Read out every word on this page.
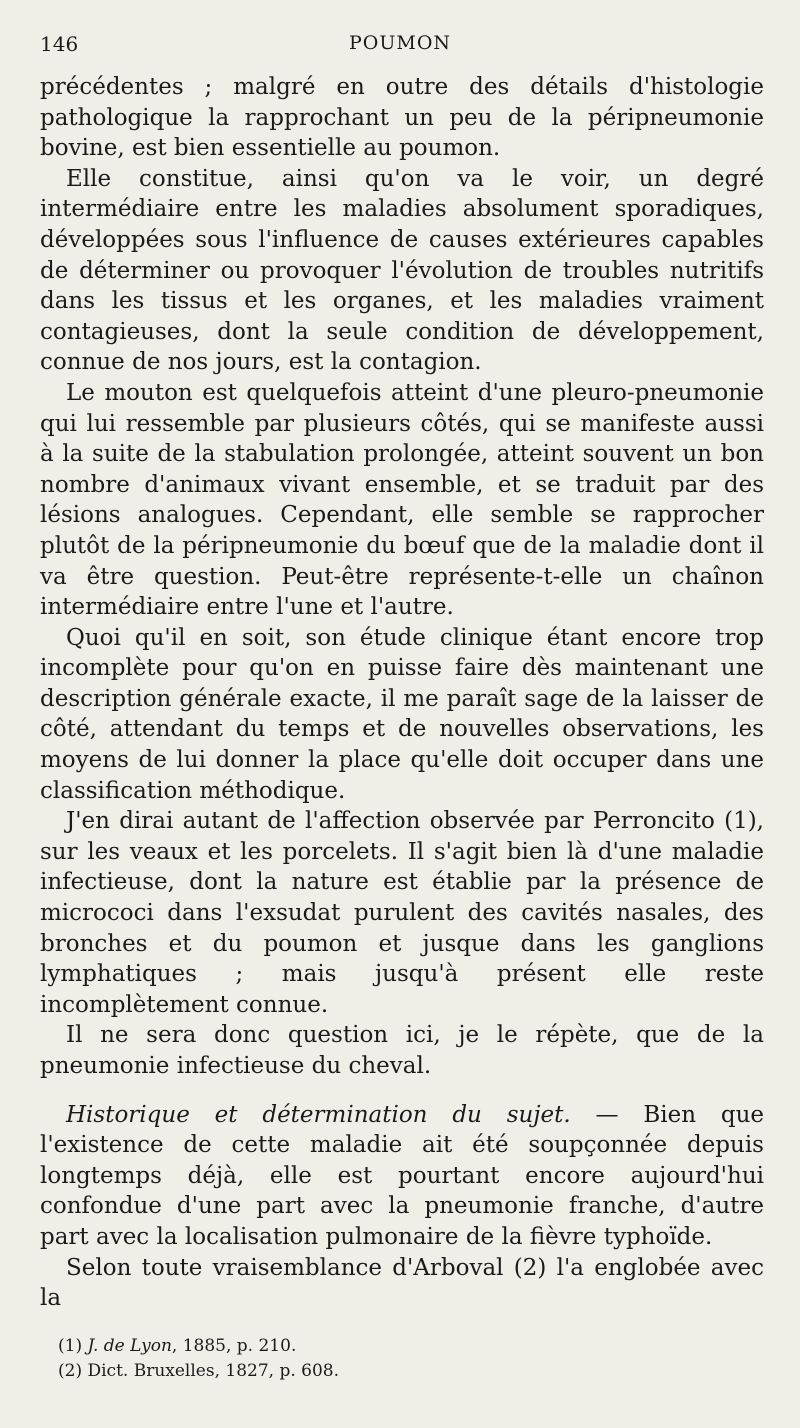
146	POUMON

précédentes ; malgré en outre des détails d'histologie pathologique la rapprochant un peu de la péripneumonie bovine, est bien essentielle au poumon.

Elle constitue, ainsi qu'on va le voir, un degré intermédiaire entre les maladies absolument sporadiques, développées sous l'influence de causes extérieures capables de déterminer ou provoquer l'évolution de troubles nutritifs dans les tissus et les organes, et les maladies vraiment contagieuses, dont la seule condition de développement, connue de nos jours, est la contagion.

Le mouton est quelquefois atteint d'une pleuro-pneumonie qui lui ressemble par plusieurs côtés, qui se manifeste aussi à la suite de la stabulation prolongée, atteint souvent un bon nombre d'animaux vivant ensemble, et se traduit par des lésions analogues. Cependant, elle semble se rapprocher plutôt de la péripneumonie du bœuf que de la maladie dont il va être question. Peut-être représente-t-elle un chaînon intermédiaire entre l'une et l'autre.

Quoi qu'il en soit, son étude clinique étant encore trop incomplète pour qu'on en puisse faire dès maintenant une description générale exacte, il me paraît sage de la laisser de côté, attendant du temps et de nouvelles observations, les moyens de lui donner la place qu'elle doit occuper dans une classification méthodique.

J'en dirai autant de l'affection observée par Perroncito (1), sur les veaux et les porcelets. Il s'agit bien là d'une maladie infectieuse, dont la nature est établie par la présence de micrococi dans l'exsudat purulent des cavités nasales, des bronches et du poumon et jusque dans les ganglions lymphatiques ; mais jusqu'à présent elle reste incomplètement connue.

Il ne sera donc question ici, je le répète, que de la pneumonie infectieuse du cheval.

Historique et détermination du sujet. — Bien que l'existence de cette maladie ait été soupçonnée depuis longtemps déjà, elle est pourtant encore aujourd'hui confondue d'une part avec la pneumonie franche, d'autre part avec la localisation pulmonaire de la fièvre typhoïde.

Selon toute vraisemblance d'Arboval (2) l'a englobée avec la

(1) J. de Lyon, 1885, p. 210.

(2) Dict. Bruxelles, 1827, p. 608.
